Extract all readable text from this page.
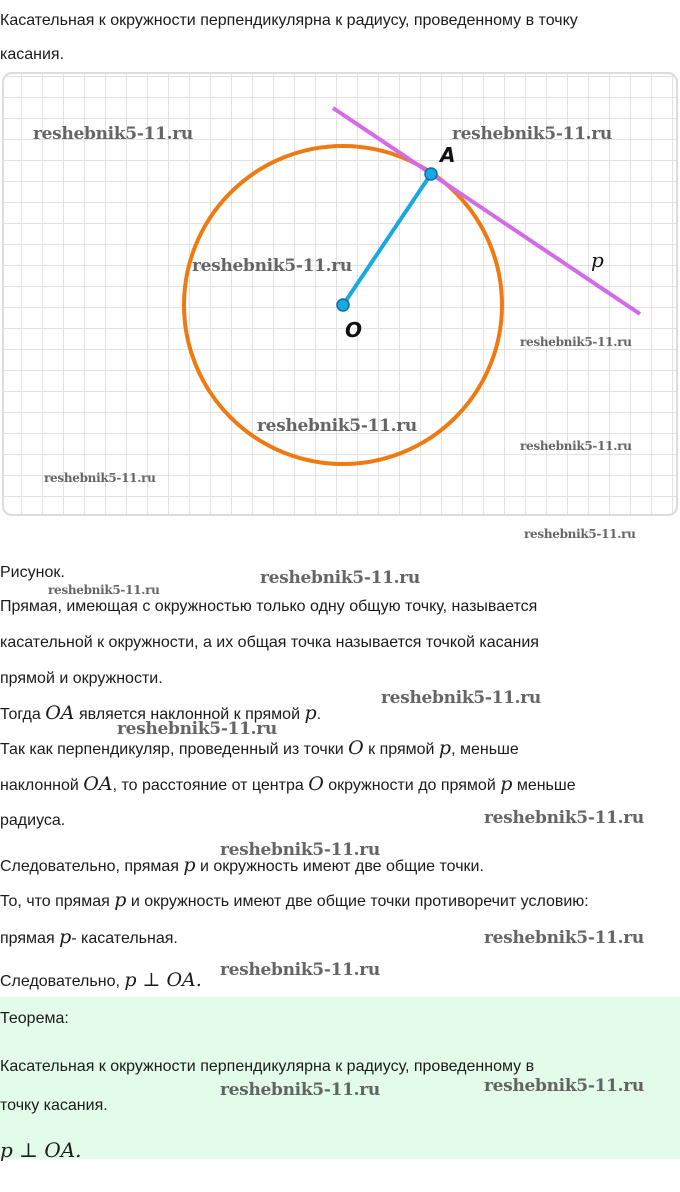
Касательная к окружности перпендикулярна к радиусу, проведенному в точку
касания.
A
O
p
Рисунок.
Прямая, имеющая с окружностью только одну общую точку, называется
касательной к окружности, а их общая точка называется точкой касания
прямой и окружности.
Тогда OA является наклонной к прямой p.
Так как перпендикуляр, проведенный из точки O к прямой p, меньше
наклонной OA, то расстояние от центра O окружности до прямой p меньше
радиуса.
Следовательно, прямая p и окружность имеют две общие точки.
То, что прямая p и окружность имеют две общие точки противоречит условию:
прямая p- касательная.
Следовательно, p ⊥ OA.
Теорема:
Касательная к окружности перпендикулярна к радиусу, проведенному в
точку касания.
p ⊥ OA.
reshebnik5-11.ru	reshebnik5-11.ru
reshebnik5-11.ru
reshebnik5-11.ru
reshebnik5-11.ru
reshebnik5-11.ru
reshebnik5-11.ru
reshebnik5-11.ru
reshebnik5-11.ru
reshebnik5-11.ru
reshebnik5-11.ru
reshebnik5-11.ru
reshebnik5-11.ru
reshebnik5-11.ru
reshebnik5-11.ru
reshebnik5-11.ru
reshebnik5-11.ru
reshebnik5-11.ru
